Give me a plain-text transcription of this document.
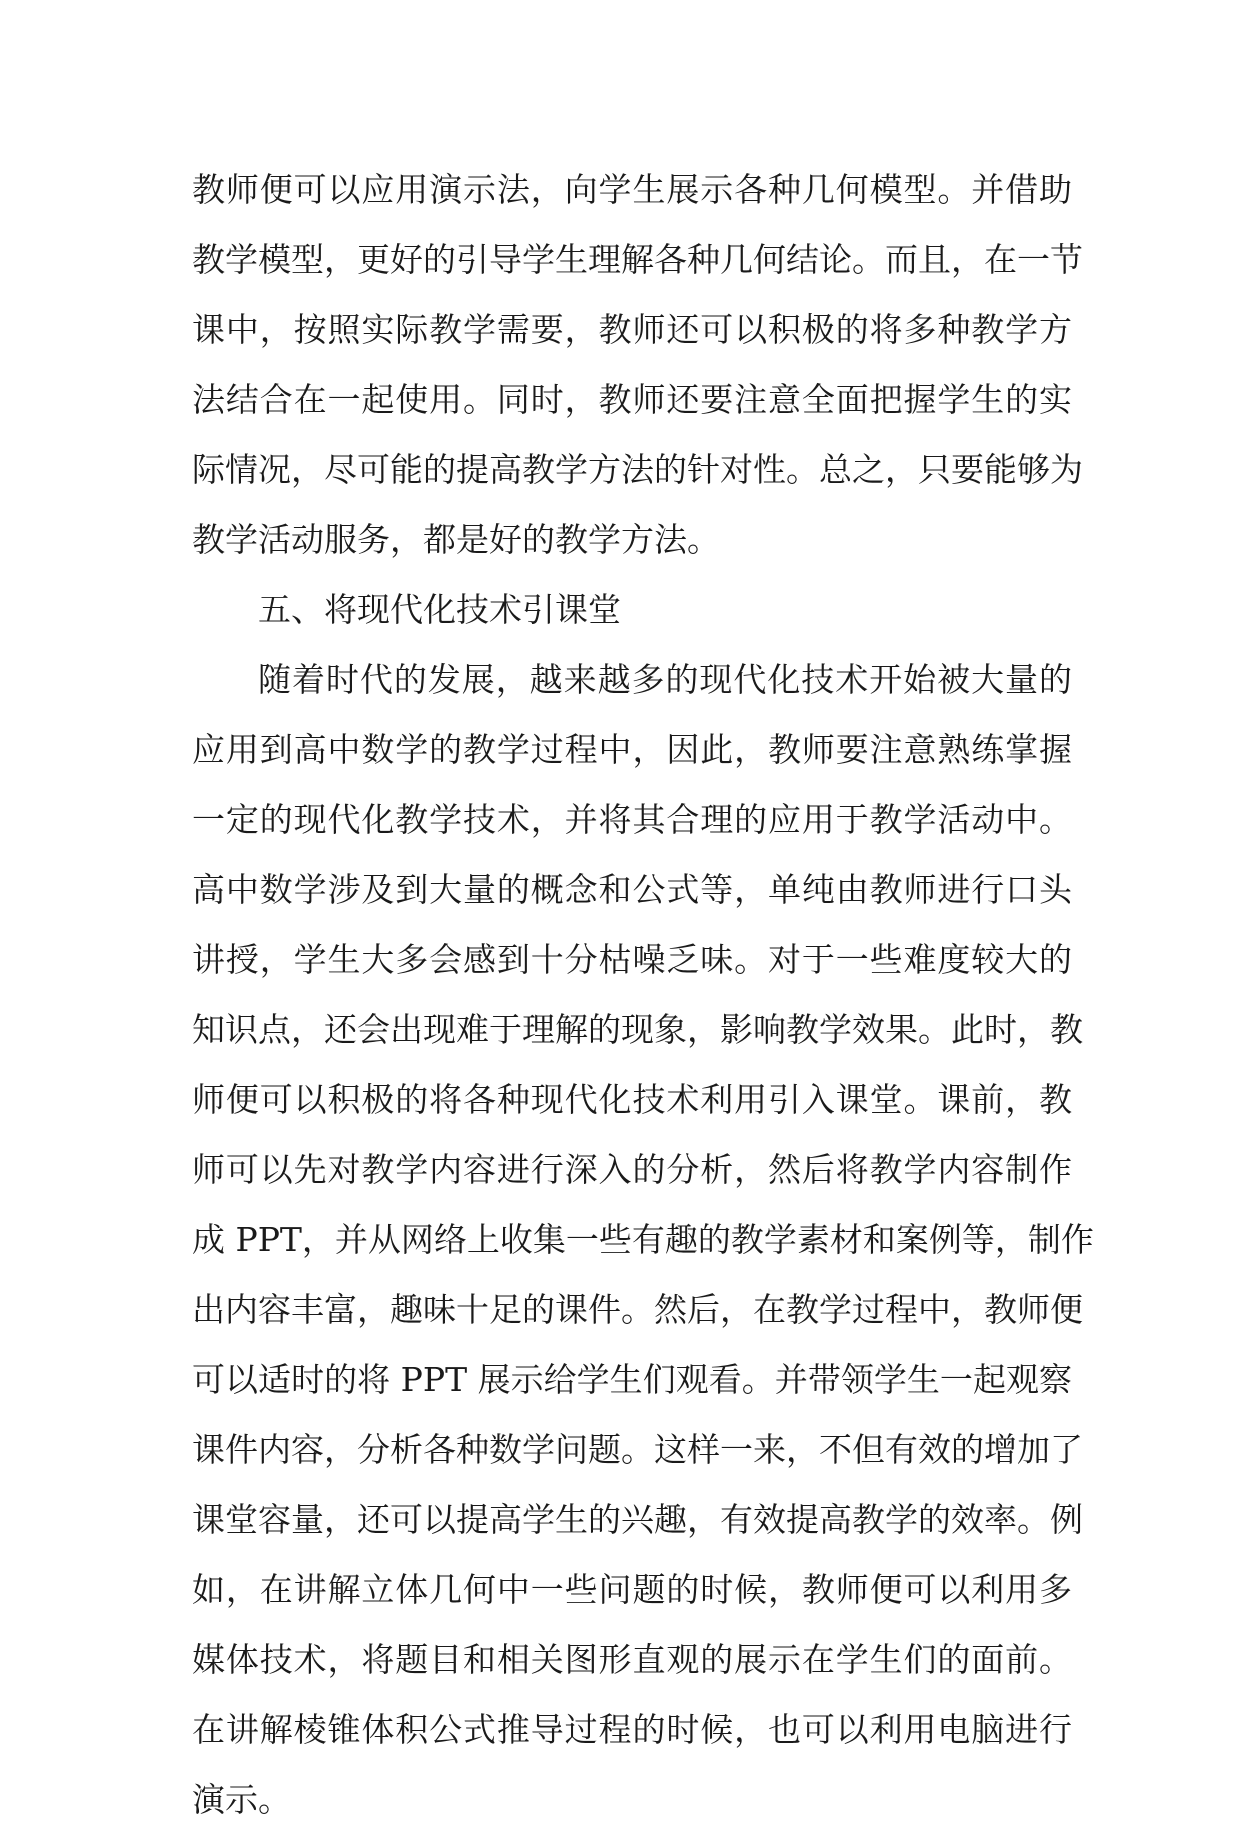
教师便可以应用演示法，向学生展示各种几何模型。并借助
教学模型，更好的引导学生理解各种几何结论。而且，在一节
课中，按照实际教学需要，教师还可以积极的将多种教学方
法结合在一起使用。同时，教师还要注意全面把握学生的实
际情况，尽可能的提高教学方法的针对性。总之，只要能够为
教学活动服务，都是好的教学方法。
五、将现代化技术引课堂
随着时代的发展，越来越多的现代化技术开始被大量的
应用到高中数学的教学过程中，因此，教师要注意熟练掌握
一定的现代化教学技术，并将其合理的应用于教学活动中。
高中数学涉及到大量的概念和公式等，单纯由教师进行口头
讲授，学生大多会感到十分枯噪乏味。对于一些难度较大的
知识点，还会出现难于理解的现象，影响教学效果。此时，教
师便可以积极的将各种现代化技术利用引入课堂。课前，教
师可以先对教学内容进行深入的分析，然后将教学内容制作
成 PPT，并从网络上收集一些有趣的教学素材和案例等，制作
出内容丰富，趣味十足的课件。然后，在教学过程中，教师便
可以适时的将 PPT 展示给学生们观看。并带领学生一起观察
课件内容，分析各种数学问题。这样一来，不但有效的增加了
课堂容量，还可以提高学生的兴趣，有效提高教学的效率。例
如，在讲解立体几何中一些问题的时候，教师便可以利用多
媒体技术，将题目和相关图形直观的展示在学生们的面前。
在讲解棱锥体积公式推导过程的时候，也可以利用电脑进行
演示。
